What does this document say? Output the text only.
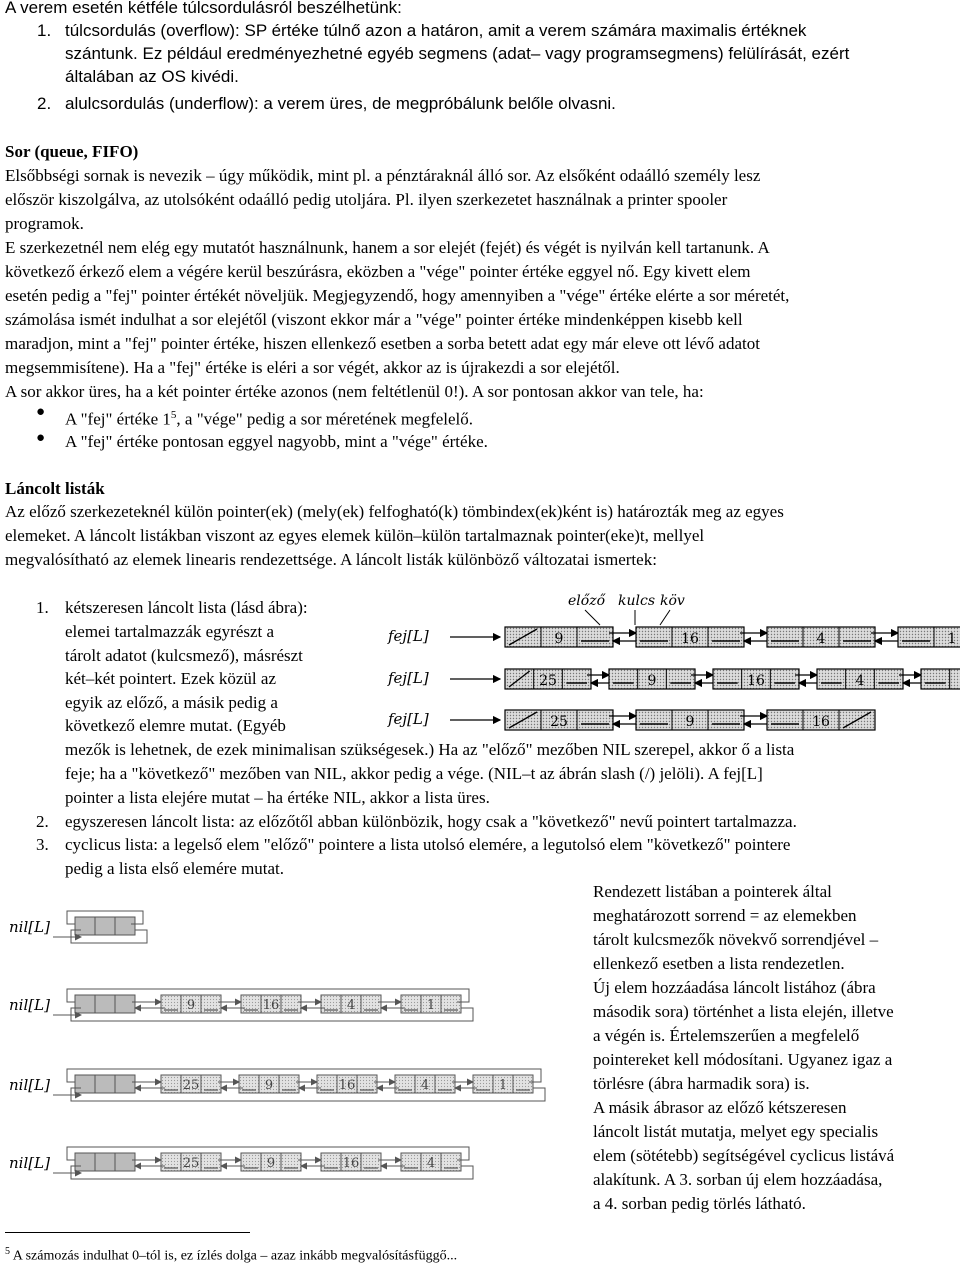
A verem esetén kétféle túlcsordulásról beszélhetünk:
1. túlcsordulás (overflow): SP értéke túlnő azon a határon, amit a verem számára maximalis értéknek
szántunk. Ez például eredményezhetné egyéb segmens (adat– vagy programsegmens) felülírását, ezért
általában az OS kivédi.
2. alulcsordulás (underflow): a verem üres, de megpróbálunk belőle olvasni.
Sor (queue, FIFO)
Elsőbbségi sornak is nevezik – úgy működik, mint pl. a pénztáraknál álló sor. Az elsőként odaálló személy lesz
először kiszolgálva, az utolsóként odaálló pedig utoljára. Pl. ilyen szerkezetet használnak a printer spooler
programok.
E szerkezetnél nem elég egy mutatót használnunk, hanem a sor elejét (fejét) és végét is nyilván kell tartanunk. A
következő érkező elem a végére kerül beszúrásra, eközben a "vége" pointer értéke eggyel nő. Egy kivett elem
esetén pedig a "fej" pointer értékét növeljük. Megjegyzendő, hogy amennyiben a "vége" értéke elérte a sor méretét,
számolása ismét indulhat a sor elejétől (viszont ekkor már a "vége" pointer értéke mindenképpen kisebb kell
maradjon, mint a "fej" pointer értéke, hiszen ellenkező esetben a sorba betett adat egy már eleve ott lévő adatot
megsemmisítene). Ha a "fej" értéke is eléri a sor végét, akkor az is újrakezdi a sor elejétől.
A sor akkor üres, ha a két pointer értéke azonos (nem feltétlenül 0!). A sor pontosan akkor van tele, ha:
● A "fej" értéke $1^5$, a "vége" pedig a sor méretének megfelelő.
● A "fej" értéke pontosan eggyel nagyobb, mint a "vége" értéke.
Láncolt listák
Az előző szerkezeteknél külön pointer(ek) (mely(ek) felfogható(k) tömbindex(ek)ként is) határozták meg az egyes
elemeket. A láncolt listákban viszont az egyes elemek külön–külön tartalmaznak pointer(eke)t, mellyel
megvalósítható az elemek linearis rendezettsége. A láncolt listák különböző változatai ismertek:
1. kétszeresen láncolt lista (lásd ábra):
elemei tartalmazzák egyrészt a
tárolt adatot (kulcsmező), másrészt
két–két pointert. Ezek közül az
egyik az előző, a másik pedig a
következő elemre mutat. (Egyéb
mezők is lehetnek, de ezek minimalisan szükségesek.) Ha az "előző" mezőben NIL szerepel, akkor ő a lista
feje; ha a "következő" mezőben van NIL, akkor pedig a vége. (NIL–t az ábrán slash (/) jelöli). A fej[L]
pointer a lista elejére mutat – ha értéke NIL, akkor a lista üres.
2. egyszeresen láncolt lista: az előzőtől abban különbözik, hogy csak a "következő" nevű pointert tartalmazza.
3. cyclicus lista: a legelső elem "előző" pointere a lista utolsó elemére, a legutolsó elem "következő" pointere
pedig a lista első elemére mutat.
előző kulcs köv
fej[L]	9	16	4	1
fej[L]	25	9	16	4
fej[L]	25	9	16
nil[L]
nil[L]	9	16	4	1
nil[L]	25	9	16	4	1
nil[L]	25	9	16	4
Rendezett listában a pointerek által
meghatározott sorrend = az elemekben
tárolt kulcsmezők növekvő sorrendjével –
ellenkező esetben a lista rendezetlen.
Új elem hozzáadása láncolt listához (ábra
második sora) történhet a lista elején, illetve
a végén is. Értelemszerűen a megfelelő
pointereket kell módosítani. Ugyanez igaz a
törlésre (ábra harmadik sora) is.
A másik ábrasor az előző kétszeresen
láncolt listát mutatja, melyet egy specialis
elem (sötétebb) segítségével cyclicus listává
alakítunk. A 3. sorban új elem hozzáadása,
a 4. sorban pedig törlés látható.
$^5$ A számozás indulhat 0–tól is, ez ízlés dolga – azaz inkább megvalósításfüggő...
